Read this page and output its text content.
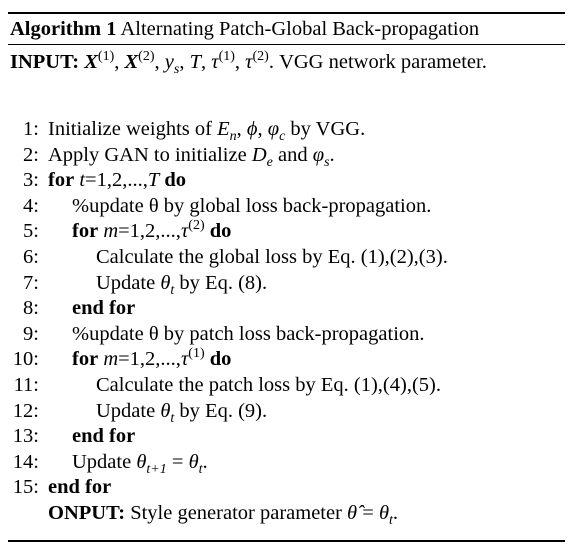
Algorithm 1 Alternating Patch-Global Back-propagation
INPUT: $X^{(1)}$, $X^{(2)}$, $y_s$, T, $\tau^{(1)}$, $\tau^{(2)}$. VGG network parameter.
1: Initialize weights of $E_n$, ϕ, $\varphi_c$ by VGG.
2: Apply GAN to initialize $D_e$ and $\varphi_s$.
3: for t=1,2,...,T do
4: %update θ by global loss back-propagation.
5: for $m=1,2,...,\tau^{(2)}$ do
6:	Calculate the global loss by Eq. (1),(2),(3).
7:	Update $\theta_t$ by Eq. (8).
8: end for
9: %update θ by patch loss back-propagation.
10: for $m=1,2,...,\tau^{(1)}$ do
11:	Calculate the patch loss by Eq. (1),(4),(5).
12:	Update $\theta_t$ by Eq. (9).
13: end for
14: Update $\theta_{t+1} = \theta_t$.
15: end for
ONPUT: Style generator parameter θ̂ = $\theta_t$.
